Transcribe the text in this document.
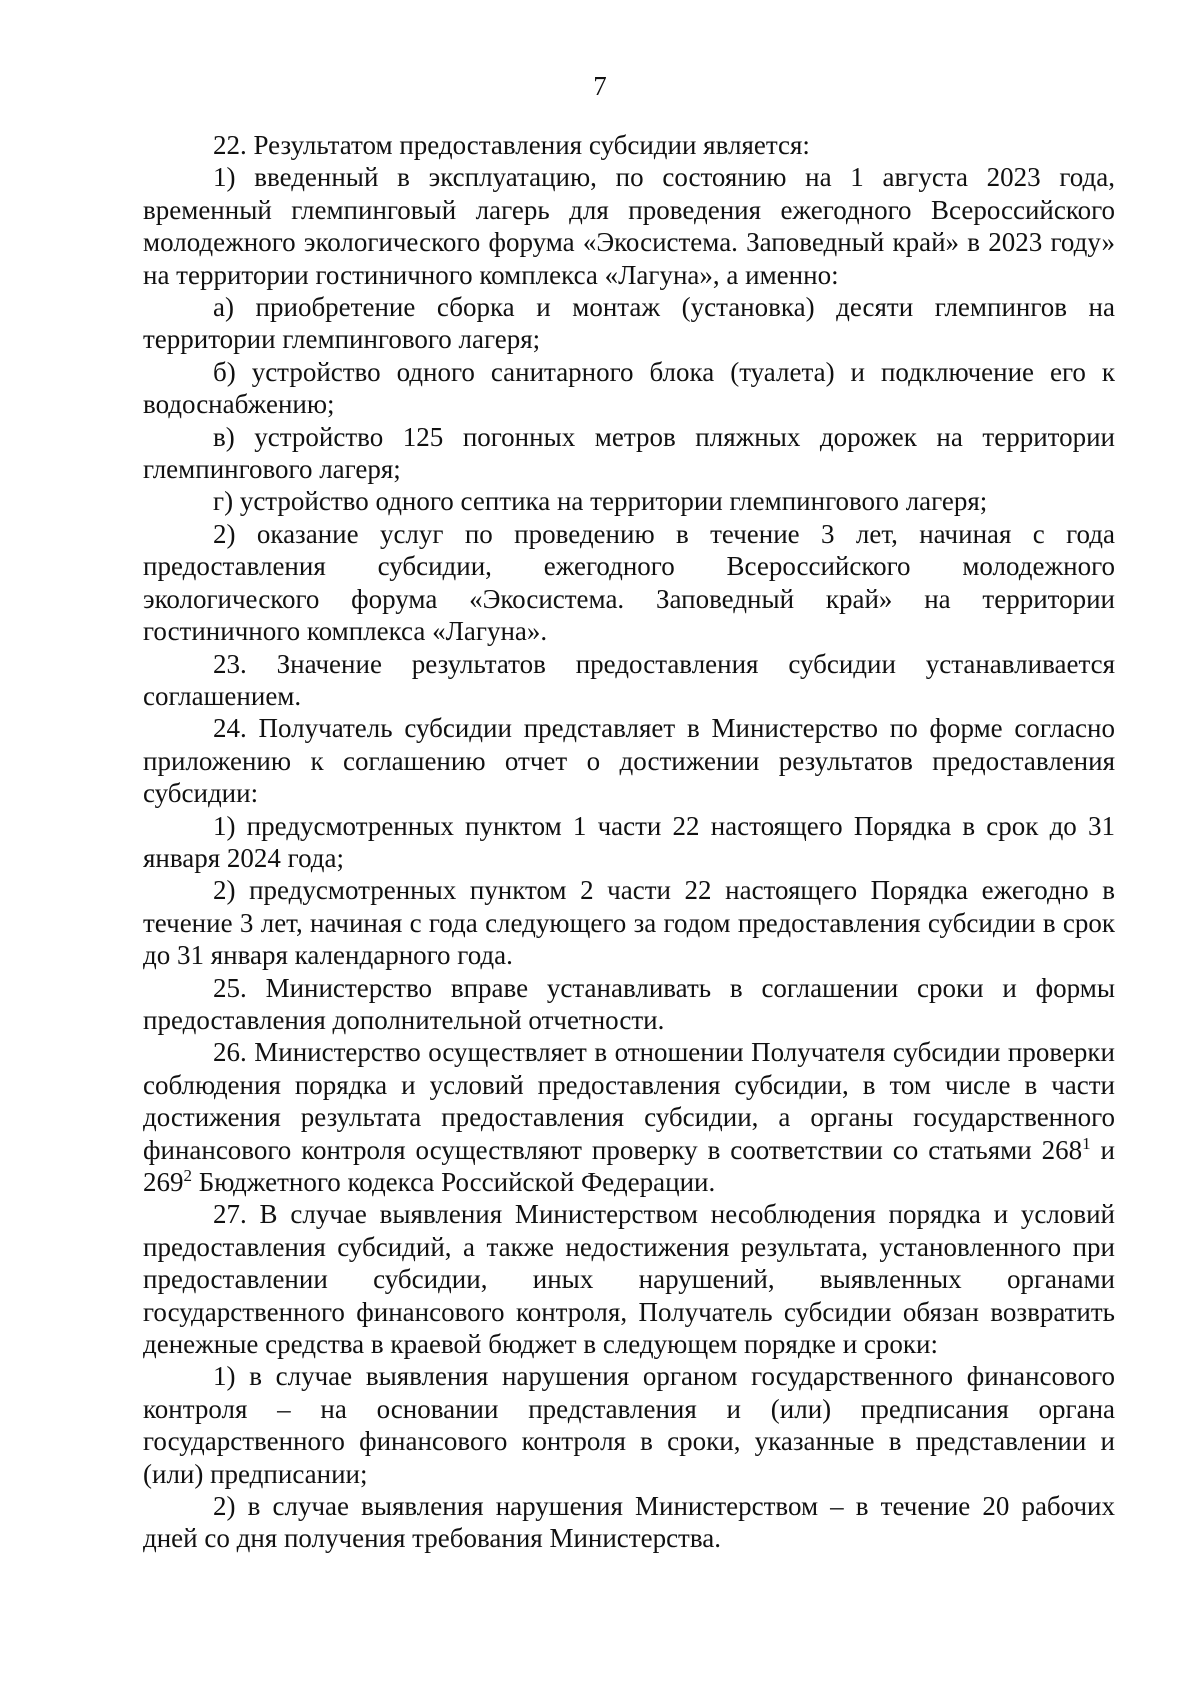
7

22. Результатом предоставления субсидии является:

1) введенный в эксплуатацию, по состоянию на 1 августа 2023 года, временный глемпинговый лагерь для проведения ежегодного Всероссийского молодежного экологического форума «Экосистема. Заповедный край» в 2023 году» на территории гостиничного комплекса «Лагуна», а именно:

а) приобретение сборка и монтаж (установка) десяти глемпингов на территории глемпингового лагеря;

б) устройство одного санитарного блока (туалета) и подключение его к водоснабжению;

в) устройство 125 погонных метров пляжных дорожек на территории глемпингового лагеря;

г) устройство одного септика на территории глемпингового лагеря;

2) оказание услуг по проведению в течение 3 лет, начиная с года предоставления субсидии, ежегодного Всероссийского молодежного экологического форума «Экосистема. Заповедный край» на территории гостиничного комплекса «Лагуна».

23. Значение результатов предоставления субсидии устанавливается соглашением.

24. Получатель субсидии представляет в Министерство по форме согласно приложению к соглашению отчет о достижении результатов предоставления субсидии:

1) предусмотренных пунктом 1 части 22 настоящего Порядка в срок до 31 января 2024 года;

2) предусмотренных пунктом 2 части 22 настоящего Порядка ежегодно в течение 3 лет, начиная с года следующего за годом предоставления субсидии в срок до 31 января календарного года.

25. Министерство вправе устанавливать в соглашении сроки и формы предоставления дополнительной отчетности.

26. Министерство осуществляет в отношении Получателя субсидии проверки соблюдения порядка и условий предоставления субсидии, в том числе в части достижения результата предоставления субсидии, а органы государственного финансового контроля осуществляют проверку в соответствии со статьями $268^1$ и $269^2$ Бюджетного кодекса Российской Федерации.

27. В случае выявления Министерством несоблюдения порядка и условий предоставления субсидий, а также недостижения результата, установленного при предоставлении субсидии, иных нарушений, выявленных органами государственного финансового контроля, Получатель субсидии обязан возвратить денежные средства в краевой бюджет в следующем порядке и сроки:

1) в случае выявления нарушения органом государственного финансового контроля – на основании представления и (или) предписания органа государственного финансового контроля в сроки, указанные в представлении и (или) предписании;

2) в случае выявления нарушения Министерством – в течение 20 рабочих дней со дня получения требования Министерства.
